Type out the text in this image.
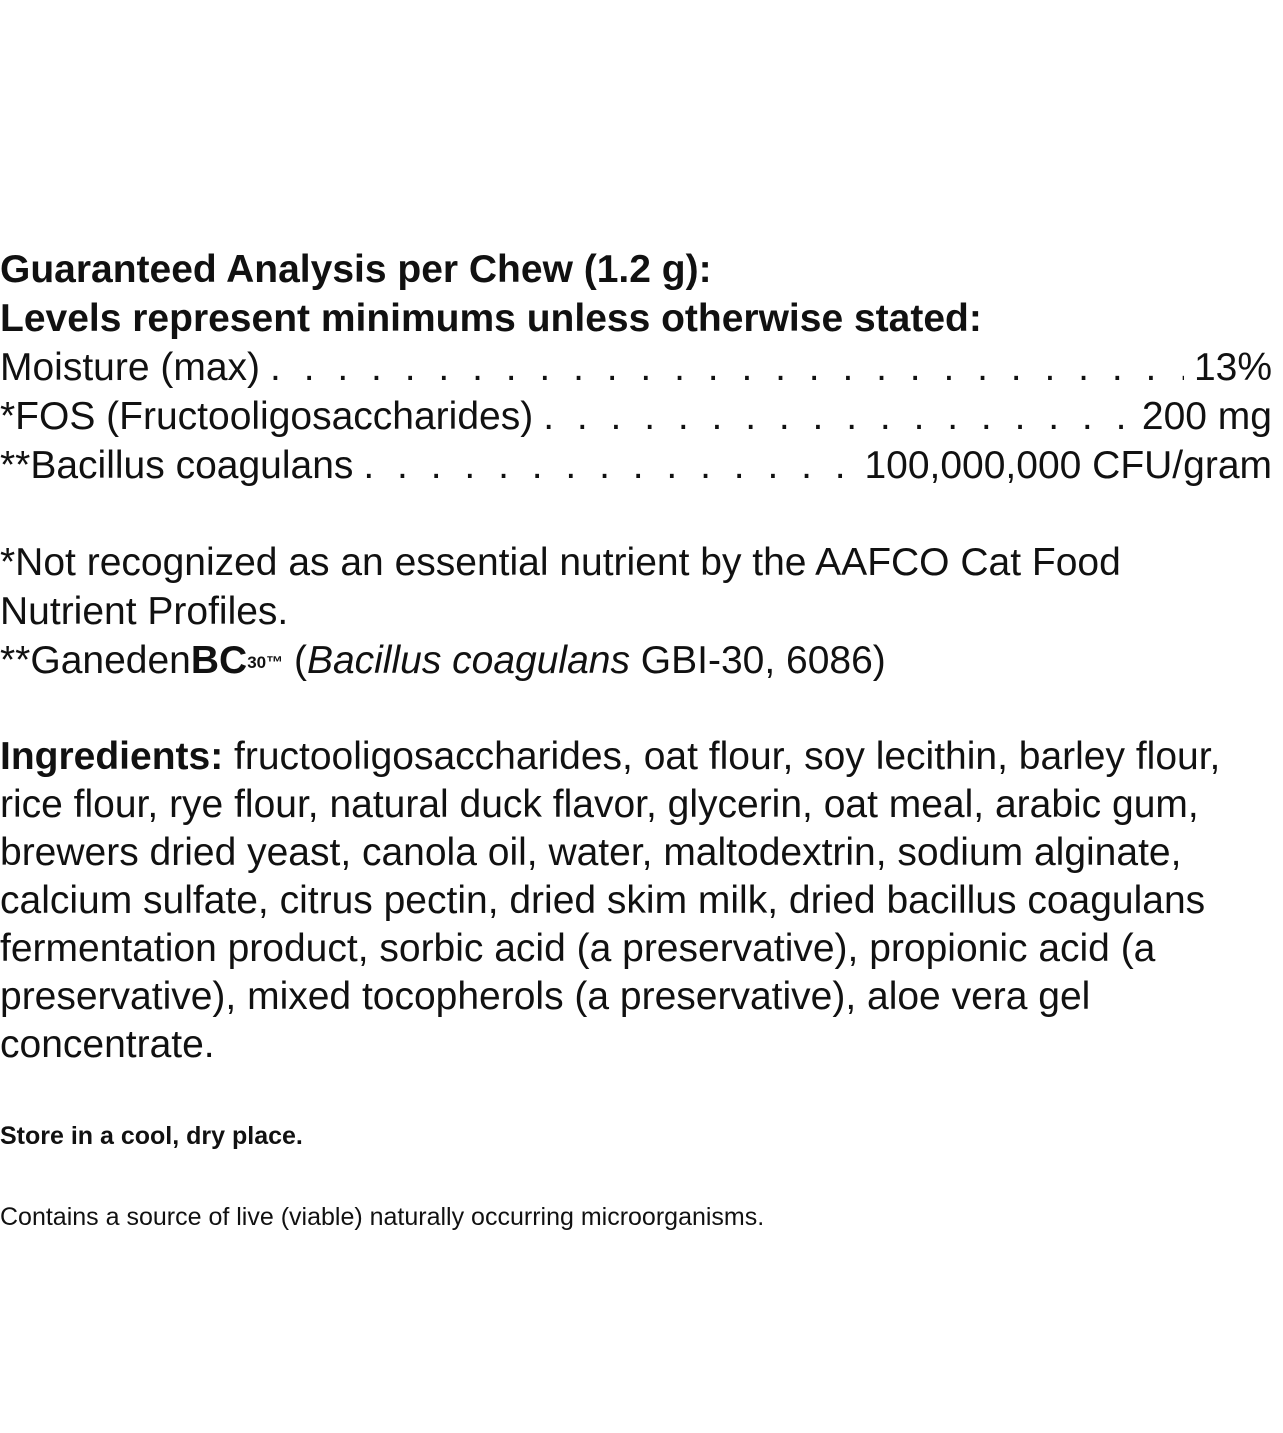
Guaranteed Analysis per Chew (1.2 g):
Levels represent minimums unless otherwise stated:
Moisture (max) . . .	13%
*FOS (Fructooligosaccharides) . . .	200 mg
**Bacillus coagulans . . .	100,000,000 CFU/gram
*Not recognized as an essential nutrient by the AAFCO Cat Food
Nutrient Profiles.
**GanedenBC$^{30™}$ (Bacillus coagulans GBI-30, 6086)
Ingredients: fructooligosaccharides, oat flour, soy lecithin, barley flour, rice flour, rye flour, natural duck flavor, glycerin, oat meal, arabic gum, brewers dried yeast, canola oil, water, maltodextrin, sodium alginate, calcium sulfate, citrus pectin, dried skim milk, dried bacillus coagulans fermentation product, sorbic acid (a preservative), propionic acid (a preservative), mixed tocopherols (a preservative), aloe vera gel concentrate.
Store in a cool, dry place.
Contains a source of live (viable) naturally occurring microorganisms.
